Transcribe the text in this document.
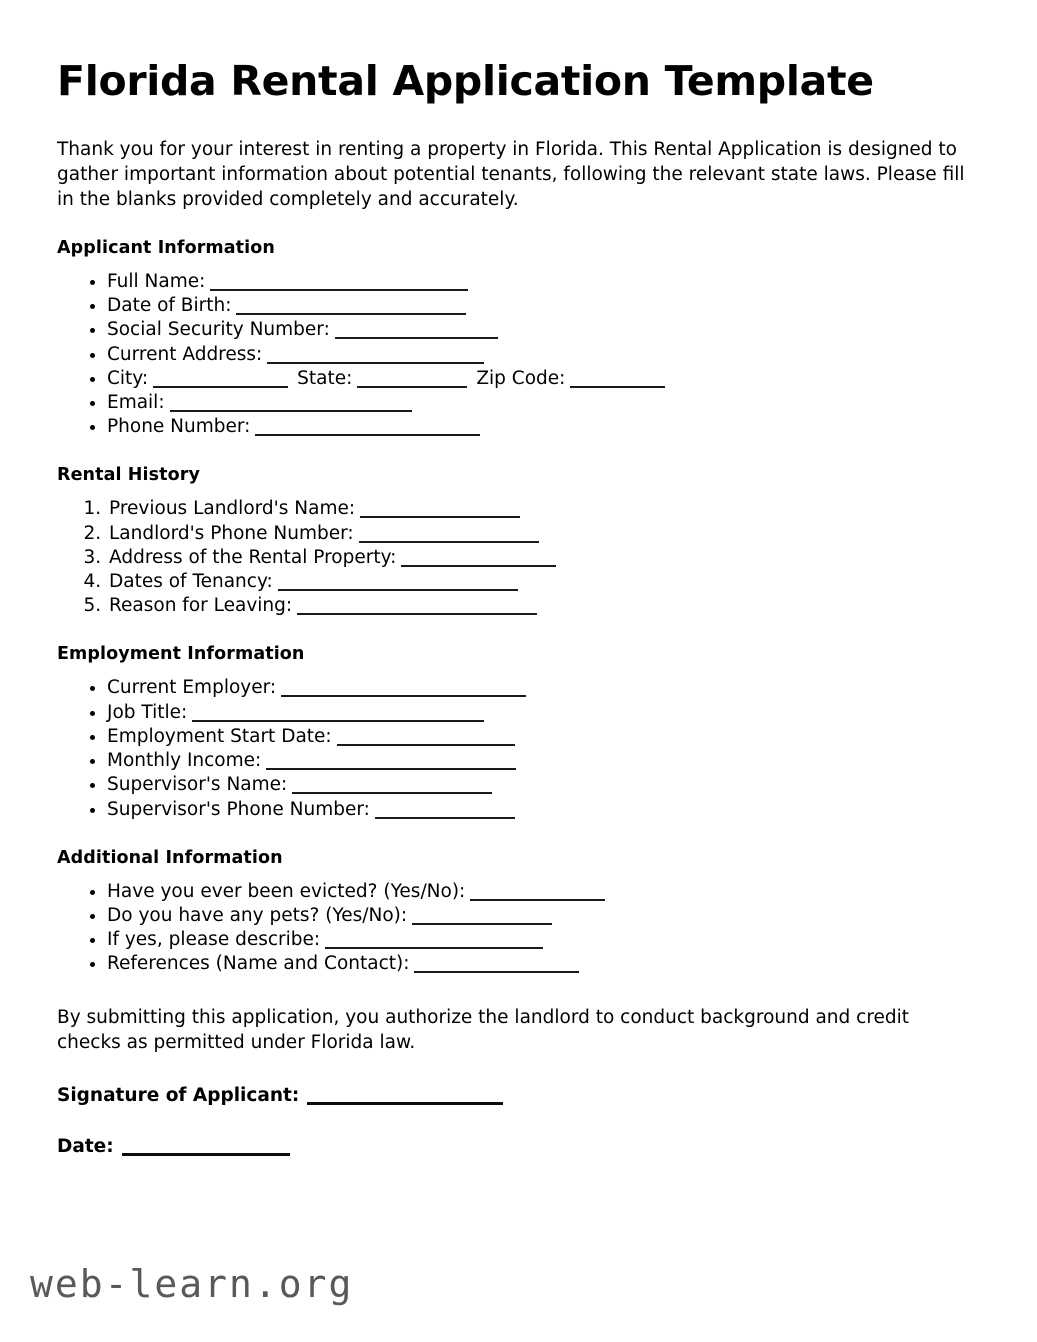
Florida Rental Application Template

Thank you for your interest in renting a property in Florida. This Rental Application is designed to gather important information about potential tenants, following the relevant state laws. Please fill in the blanks provided completely and accurately.

Applicant Information
• Full Name:
• Date of Birth:
• Social Security Number:
• Current Address:
• City:	State:	Zip Code:
• Email:
• Phone Number:
Rental History
1. Previous Landlord's Name:
2. Landlord's Phone Number:
3. Address of the Rental Property:
4. Dates of Tenancy:
5. Reason for Leaving:
Employment Information
• Current Employer:
• Job Title:
• Employment Start Date:
• Monthly Income:
• Supervisor's Name:
• Supervisor's Phone Number:
Additional Information
• Have you ever been evicted? (Yes/No):
• Do you have any pets? (Yes/No):
• If yes, please describe:
• References (Name and Contact):

By submitting this application, you authorize the landlord to conduct background and credit checks as permitted under Florida law.

Signature of Applicant:

Date:

web-learn.org
